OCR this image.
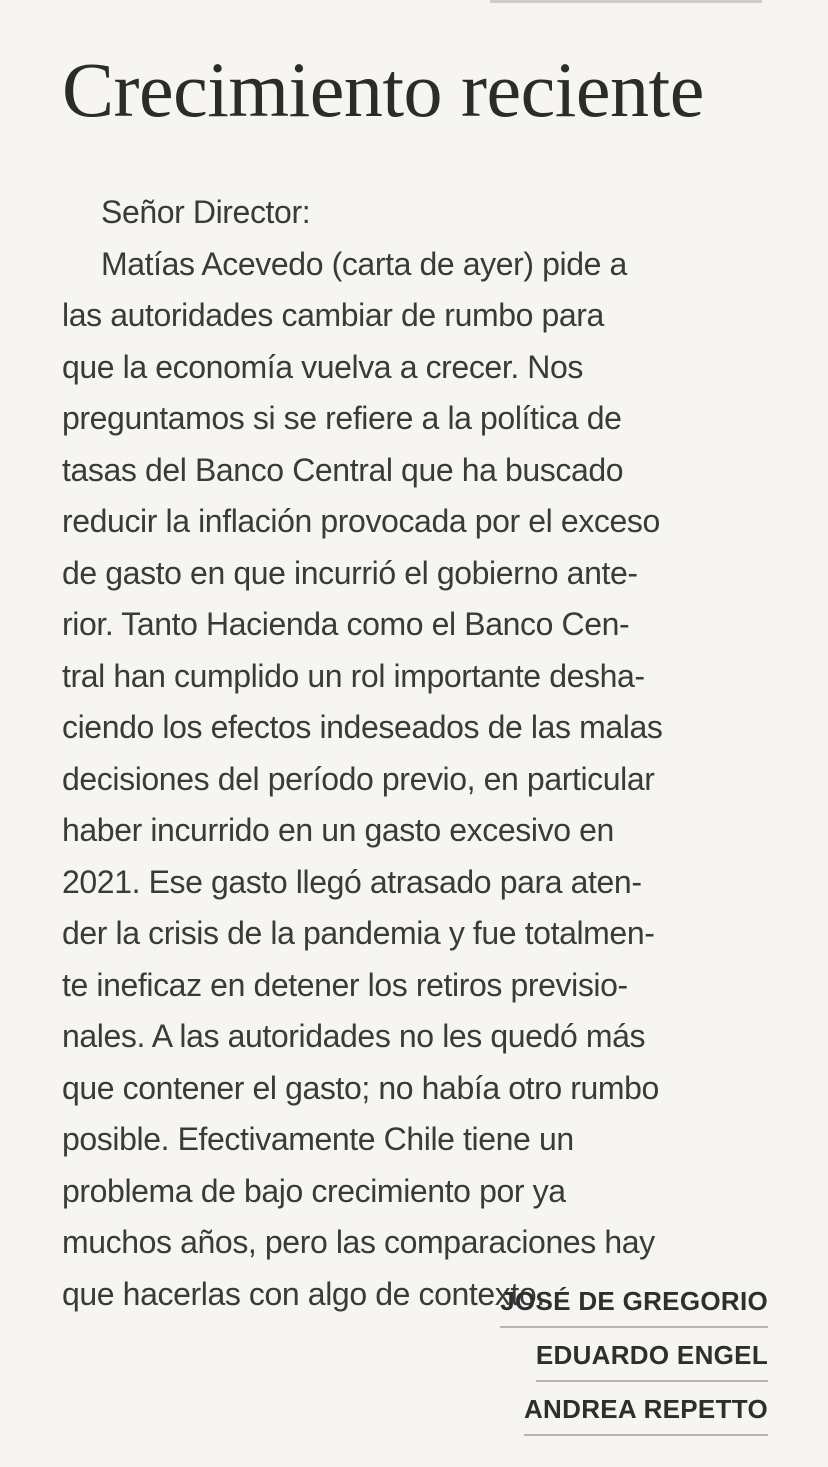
Crecimiento reciente
Señor Director:
Matías Acevedo (carta de ayer) pide a
las autoridades cambiar de rumbo para
que la economía vuelva a crecer. Nos
preguntamos si se refiere a la política de
tasas del Banco Central que ha buscado
reducir la inflación provocada por el exceso
de gasto en que incurrió el gobierno ante-
rior. Tanto Hacienda como el Banco Cen-
tral han cumplido un rol importante desha-
ciendo los efectos indeseados de las malas
decisiones del período previo, en particular
haber incurrido en un gasto excesivo en
2021. Ese gasto llegó atrasado para aten-
der la crisis de la pandemia y fue totalmen-
te ineficaz en detener los retiros previsio-
nales. A las autoridades no les quedó más
que contener el gasto; no había otro rumbo
posible. Efectivamente Chile tiene un
problema de bajo crecimiento por ya
muchos años, pero las comparaciones hay
que hacerlas con algo de contexto.
JOSÉ DE GREGORIO
EDUARDO ENGEL
ANDREA REPETTO
